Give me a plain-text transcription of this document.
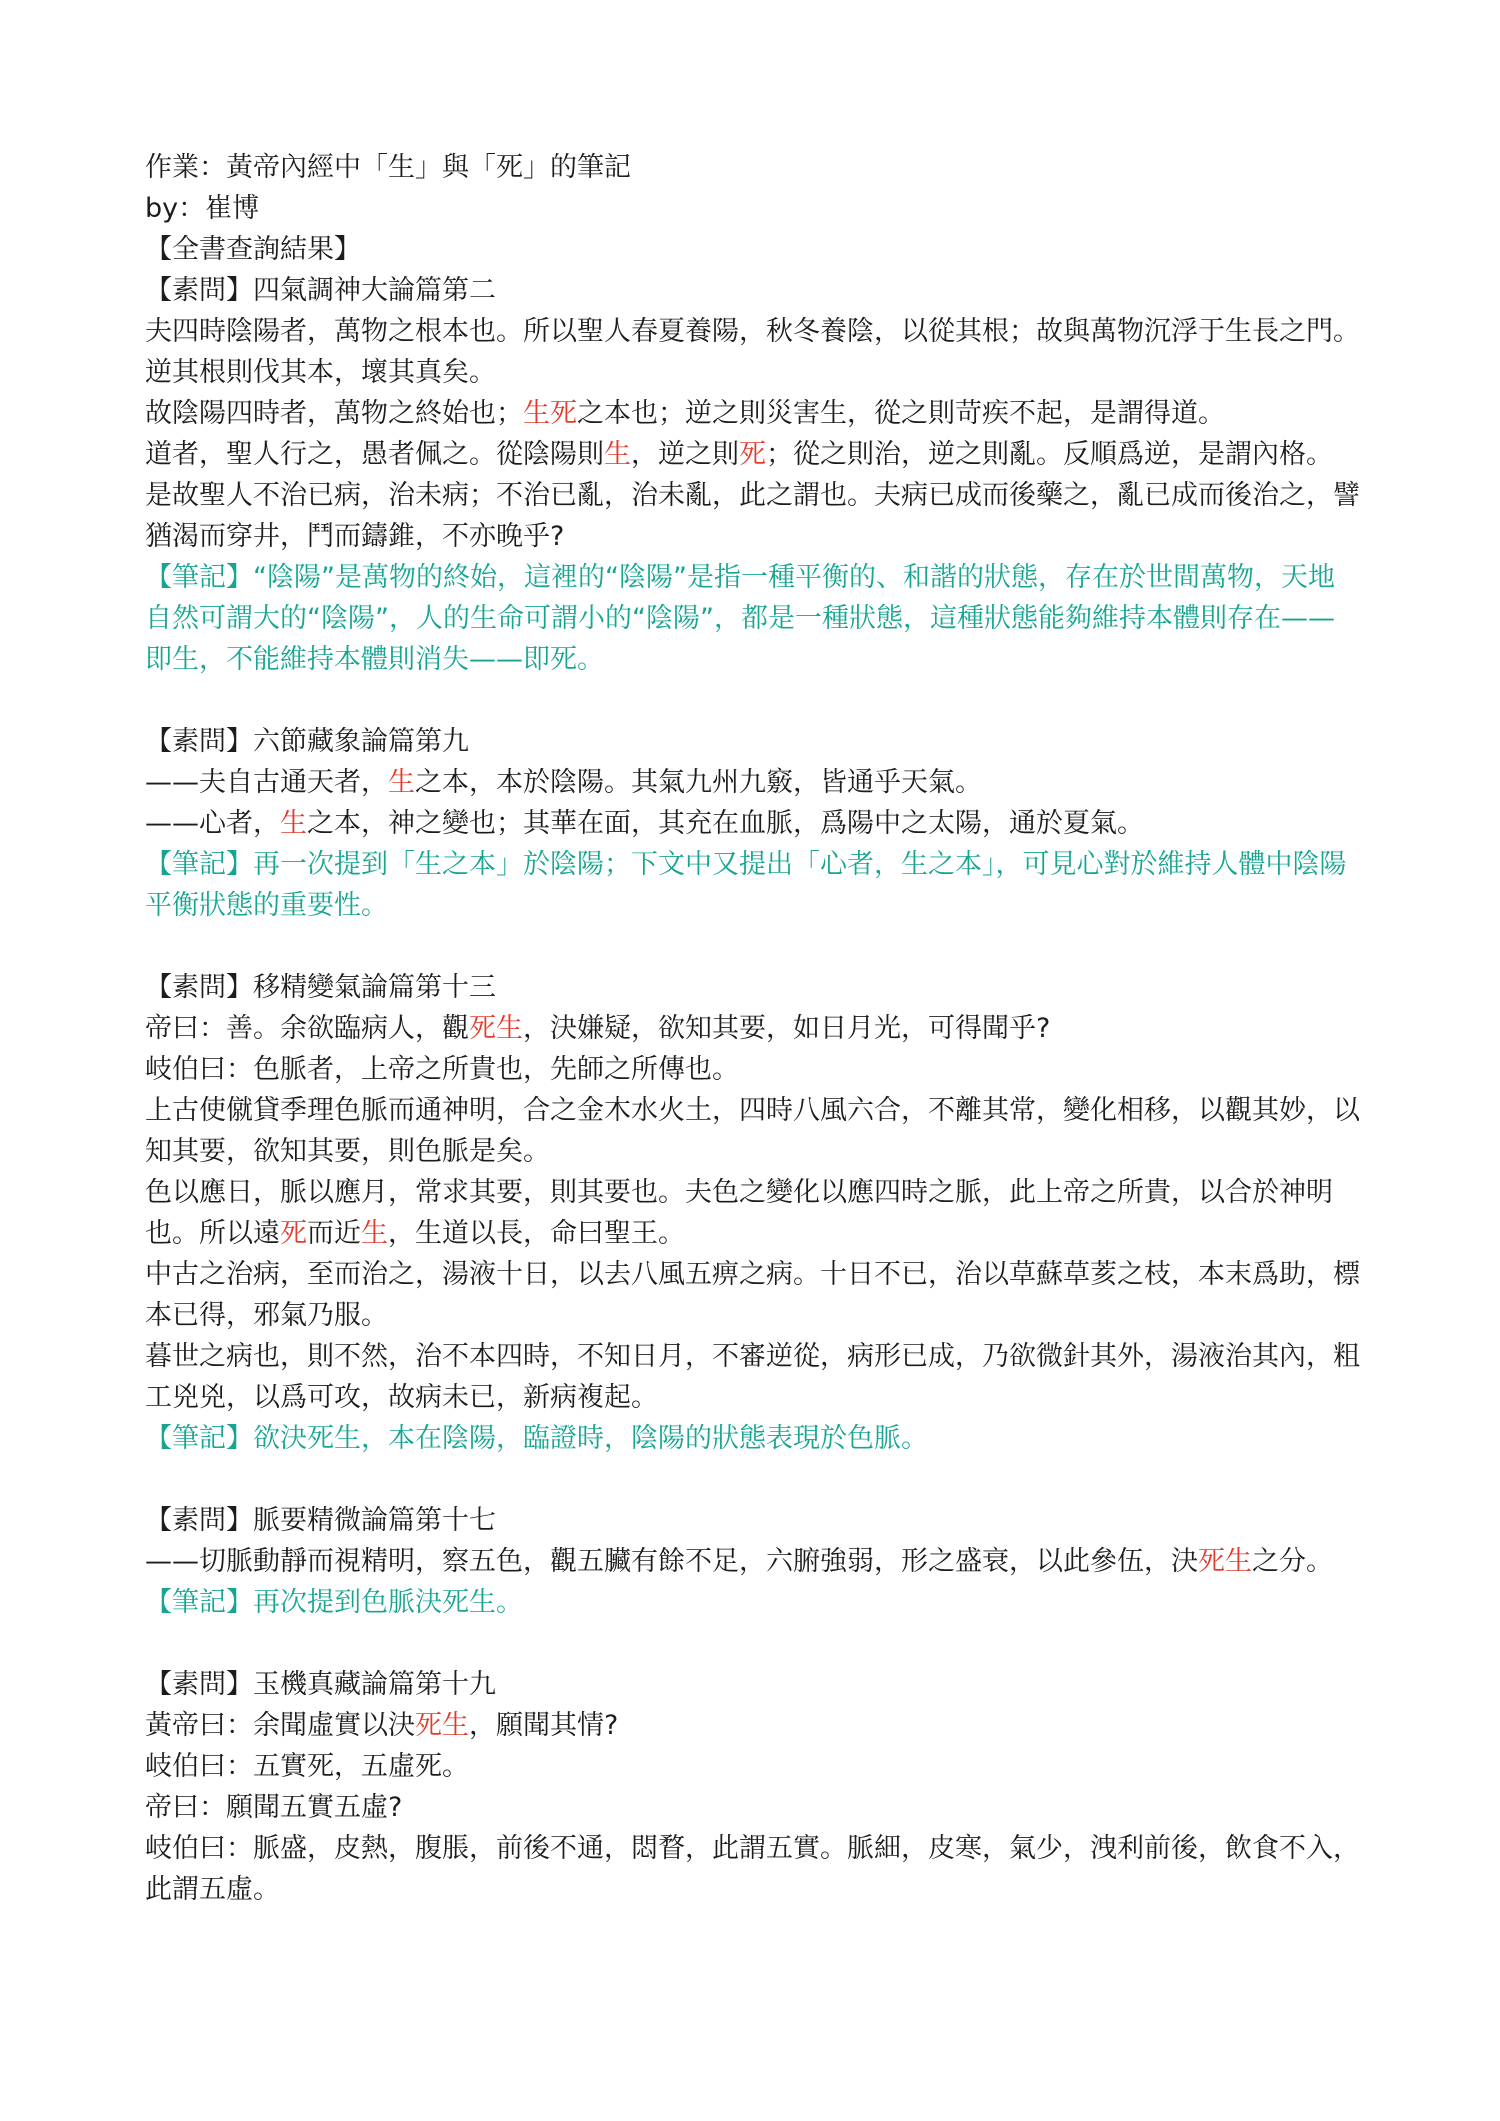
作業：黃帝內經中「生」與「死」的筆記

by：崔博

【全書查詢結果】

【素問】四氣調神大論篇第二

夫四時陰陽者，萬物之根本也。所以聖人春夏養陽，秋冬養陰，以從其根；故與萬物沉浮于生長之門。逆其根則伐其本，壞其真矣。

故陰陽四時者，萬物之終始也；生死之本也；逆之則災害生，從之則苛疾不起，是謂得道。

道者，聖人行之，愚者佩之。從陰陽則生，逆之則死；從之則治，逆之則亂。反順爲逆，是謂內格。

是故聖人不治已病，治未病；不治已亂，治未亂，此之謂也。夫病已成而後藥之，亂已成而後治之，譬猶渴而穿井，鬥而鑄錐，不亦晚乎?

【筆記】“陰陽”是萬物的終始，這裡的“陰陽”是指一種平衡的、和諧的狀態，存在於世間萬物，天地自然可謂大的“陰陽”，人的生命可謂小的“陰陽”，都是一種狀態，這種狀態能夠維持本體則存在——即生，不能維持本體則消失——即死。

【素問】六節藏象論篇第九

——夫自古通天者，生之本，本於陰陽。其氣九州九竅，皆通乎天氣。

——心者，生之本，神之變也；其華在面，其充在血脈，爲陽中之太陽，通於夏氣。

【筆記】再一次提到「生之本」於陰陽；下文中又提出「心者，生之本」，可見心對於維持人體中陰陽平衡狀態的重要性。

【素問】移精變氣論篇第十三

帝曰：善。余欲臨病人，觀死生，決嫌疑，欲知其要，如日月光，可得聞乎?

岐伯曰：色脈者，上帝之所貴也，先師之所傳也。

上古使僦貸季理色脈而通神明，合之金木水火土，四時八風六合，不離其常，變化相移，以觀其妙，以知其要，欲知其要，則色脈是矣。

色以應日，脈以應月，常求其要，則其要也。夫色之變化以應四時之脈，此上帝之所貴，以合於神明也。所以遠死而近生，生道以長，命曰聖王。

中古之治病，至而治之，湯液十日，以去八風五痹之病。十日不已，治以草蘇草荄之枝，本末爲助，標本已得，邪氣乃服。

暮世之病也，則不然，治不本四時，不知日月，不審逆從，病形已成，乃欲微針其外，湯液治其內，粗工兇兇，以爲可攻，故病未已，新病複起。

【筆記】欲決死生，本在陰陽，臨證時，陰陽的狀態表現於色脈。

【素問】脈要精微論篇第十七

——切脈動靜而視精明，察五色，觀五臟有餘不足，六腑強弱，形之盛衰，以此參伍，決死生之分。

【筆記】再次提到色脈決死生。

【素問】玉機真藏論篇第十九

黃帝曰：余聞虛實以決死生，願聞其情?

岐伯曰：五實死，五虛死。

帝曰：願聞五實五虛?

岐伯曰：脈盛，皮熱，腹脹，前後不通，悶瞀，此謂五實。脈細，皮寒，氣少，洩利前後，飲食不入，此謂五虛。
